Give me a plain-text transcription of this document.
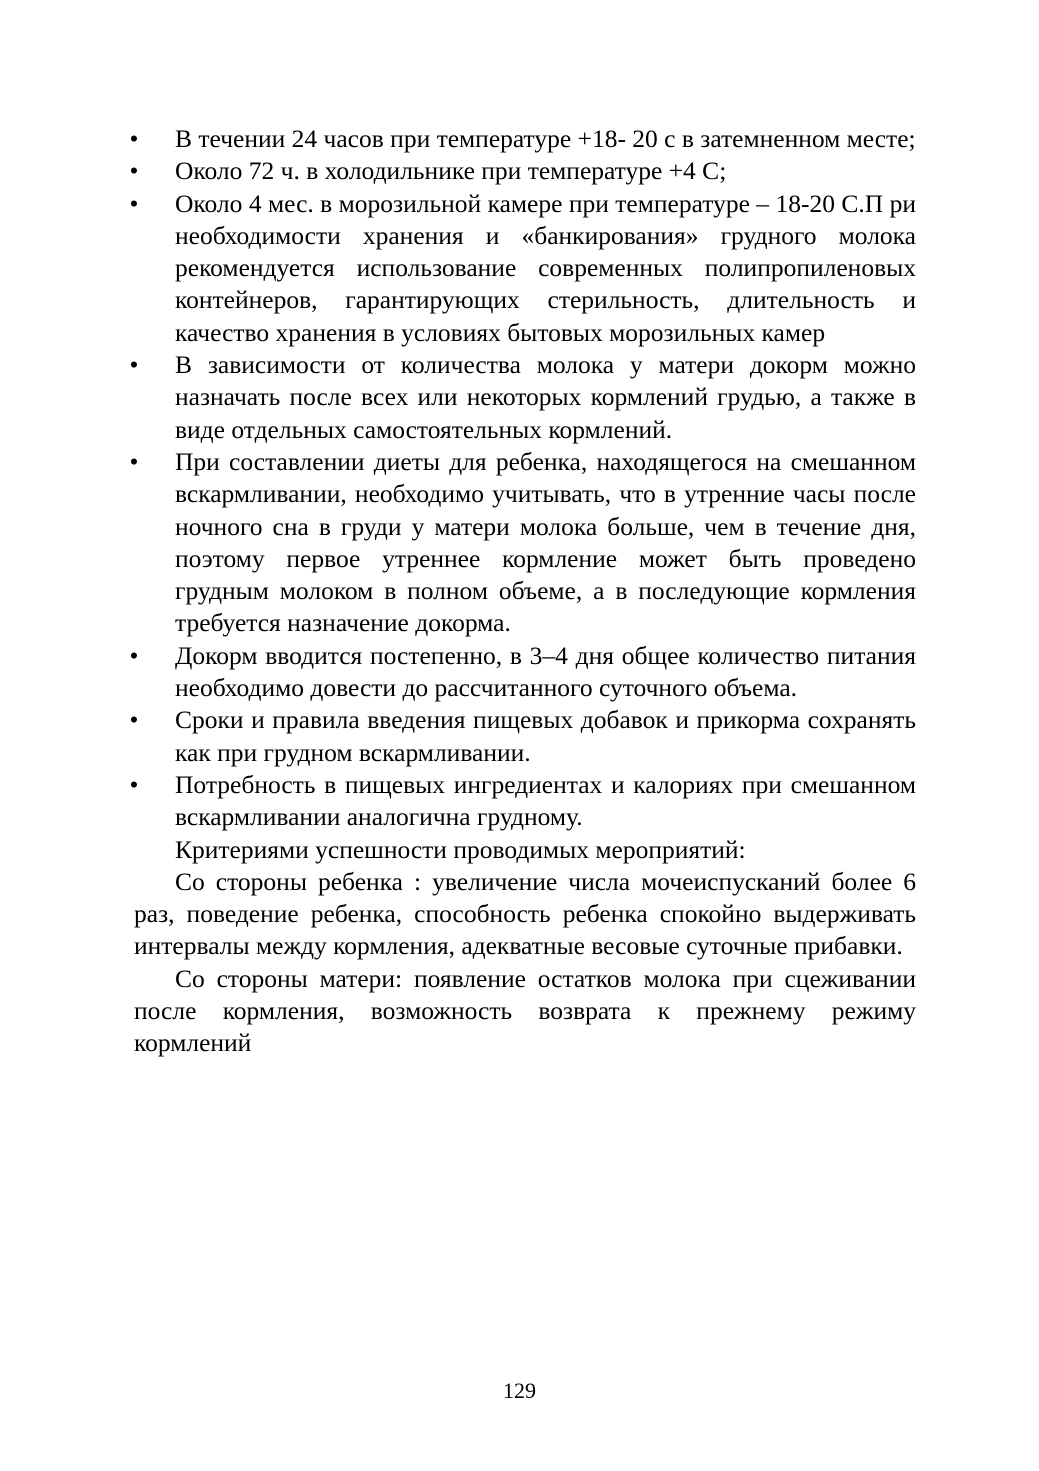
• В течении 24 часов при температуре +18- 20 с в затемненном месте;
• Около 72 ч. в холодильнике при температуре +4 С;
• Около 4 мес. в морозильной камере при температуре – 18-20 С.П ри необходимости хранения и «банкирования» грудного молока рекомендуется использование современных полипропиленовых контейнеров, гарантирующих стерильность, длительность и качество хранения в условиях бытовых морозильных камер
• В зависимости от количества молока у матери докорм можно назначать после всех или некоторых кормлений грудью, а также в виде отдельных самостоятельных кормлений.
• При составлении диеты для ребенка, находящегося на смешанном вскармливании, необходимо учитывать, что в утренние часы после ночного сна в груди у матери молока больше, чем в течение дня, поэтому первое утреннее кормление может быть проведено грудным молоком в полном объеме, а в последующие кормления требуется назначение докорма.
• Докорм вводится постепенно, в 3–4 дня общее количество питания необходимо довести до рассчитанного суточного объема.
• Сроки и правила введения пищевых добавок и прикорма сохранять как при грудном вскармливании.
• Потребность в пищевых ингредиентах и калориях при смешанном вскармливании аналогична грудному.

Критериями успешности проводимых мероприятий:

Со стороны ребенка : увеличение числа мочеиспусканий более 6 раз, поведение ребенка, способность ребенка спокойно выдерживать интервалы между кормления, адекватные весовые суточные прибавки.

Со стороны матери: появление остатков молока при сцеживании после кормления, возможность возврата к прежнему режиму кормлений

129
